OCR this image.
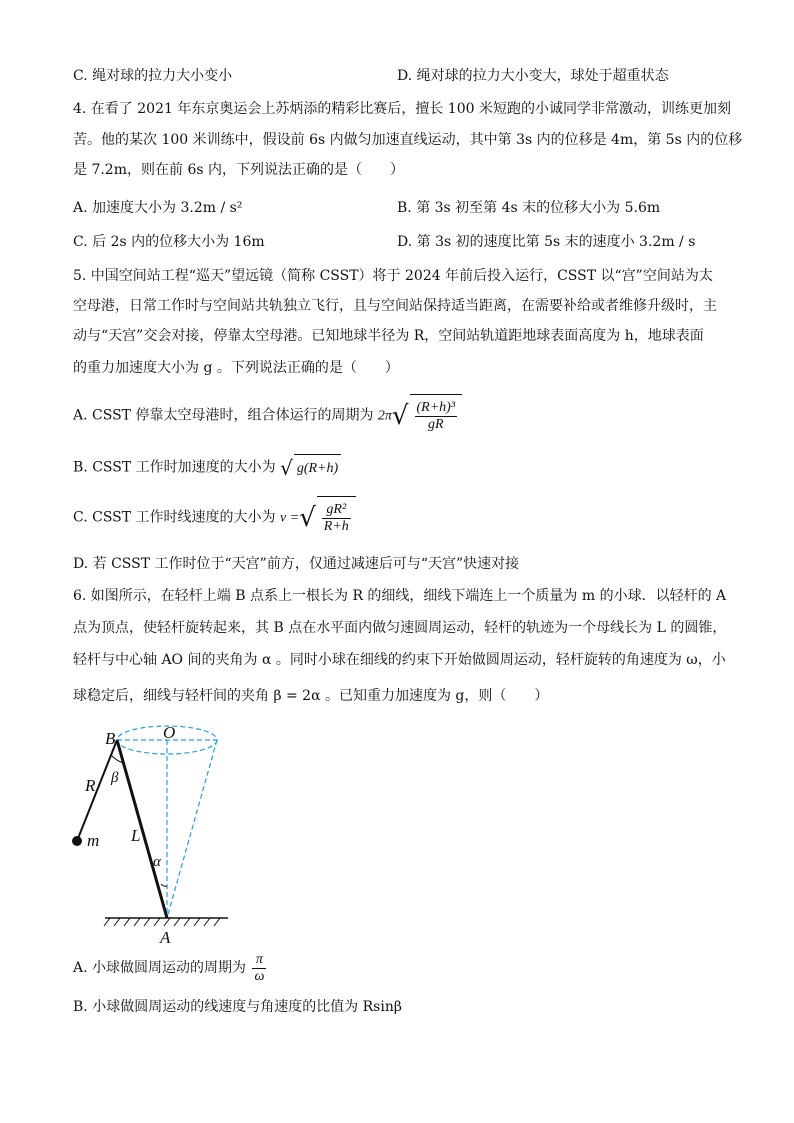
C. 绳对球的拉力大小变小	D. 绳对球的拉力大小变大，球处于超重状态
4. 在看了 2021 年东京奥运会上苏炳添的精彩比赛后，擅长 100 米短跑的小诚同学非常激动，训练更加刻
苦。他的某次 100 米训练中，假设前 6s 内做匀加速直线运动，其中第 3s 内的位移是 4m，第 5s 内的位移
是 7.2m，则在前 6s 内，下列说法正确的是（　　）
A. 加速度大小为 3.2m / s²	B. 第 3s 初至第 4s 末的位移大小为 5.6m
C. 后 2s 内的位移大小为 16m	D. 第 3s 初的速度比第 5s 末的速度小 3.2m / s
5. 中国空间站工程“巡天”望远镜（简称 CSST）将于 2024 年前后投入运行，CSST 以“宫”空间站为太
空母港，日常工作时与空间站共轨独立飞行，且与空间站保持适当距离，在需要补给或者维修升级时，主
动与“天宫”交会对接，停靠太空母港。已知地球半径为 R，空间站轨道距地球表面高度为 h，地球表面
的重力加速度大小为 g 。下列说法正确的是（　　）
A. CSST 停靠太空母港时，组合体运行的周期为 $2\pi√ \frac{\text{(R+h)³}}{gR}$
B. CSST 工作时加速度的大小为 √ g(R+h)
C. CSST 工作时线速度的大小为 v =√ $\frac{\text{gR²}}{R+h}$
D. 若 CSST 工作时位于“天宫”前方，仅通过减速后可与“天宫”快速对接
6. 如图所示，在轻杆上端 B 点系上一根长为 R 的细线，细线下端连上一个质量为 m 的小球．以轻杆的 A
点为顶点，使轻杆旋转起来，其 B 点在水平面内做匀速圆周运动，轻杆的轨迹为一个母线长为 L 的圆锥，
轻杆与中心轴 AO 间的夹角为 α 。同时小球在细线的约束下开始做圆周运动，轻杆旋转的角速度为 ω，小
球稳定后，细线与轻杆间的夹角 β = 2α 。已知重力加速度为 g，则（　　）
B	O
R β
m L
α
A
A. 小球做圆周运动的周期为 $\frac{\pi}{\omega}$
B. 小球做圆周运动的线速度与角速度的比值为 Rsinβ
